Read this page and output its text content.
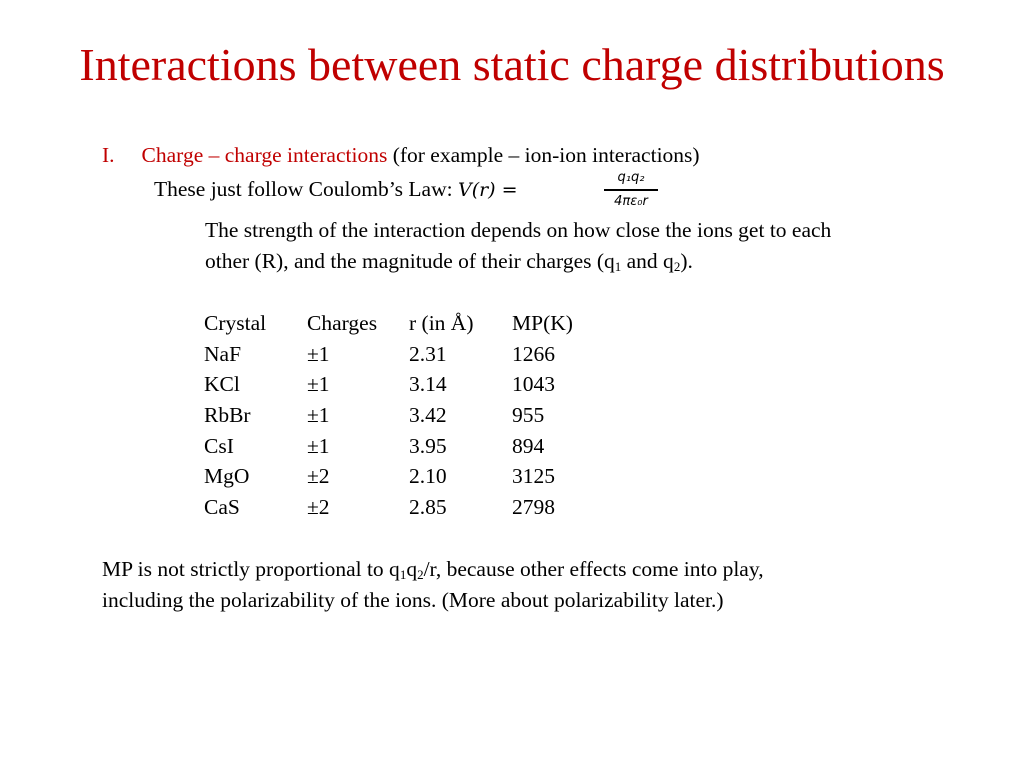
Interactions between static charge distributions
I. Charge – charge interactions (for example – ion-ion interactions)
These just follow Coulomb’s Law: V(r) =
q₁q₂
4πε₀r
The strength of the interaction depends on how close the ions get to each
other (R), and the magnitude of their charges ($q_1$ and $q_2$).
Crystal	Charges	r (in Å)	MP(K)
NaF	±1	2.31	1266
KCl	±1	3.14	1043
RbBr	±1	3.42	955
CsI	±1	3.95	894
MgO	±2	2.10	3125
CaS	±2	2.85	2798
MP is not strictly proportional to $q_1q_2/r$, because other effects come into play,
including the polarizability of the ions. (More about polarizability later.)
